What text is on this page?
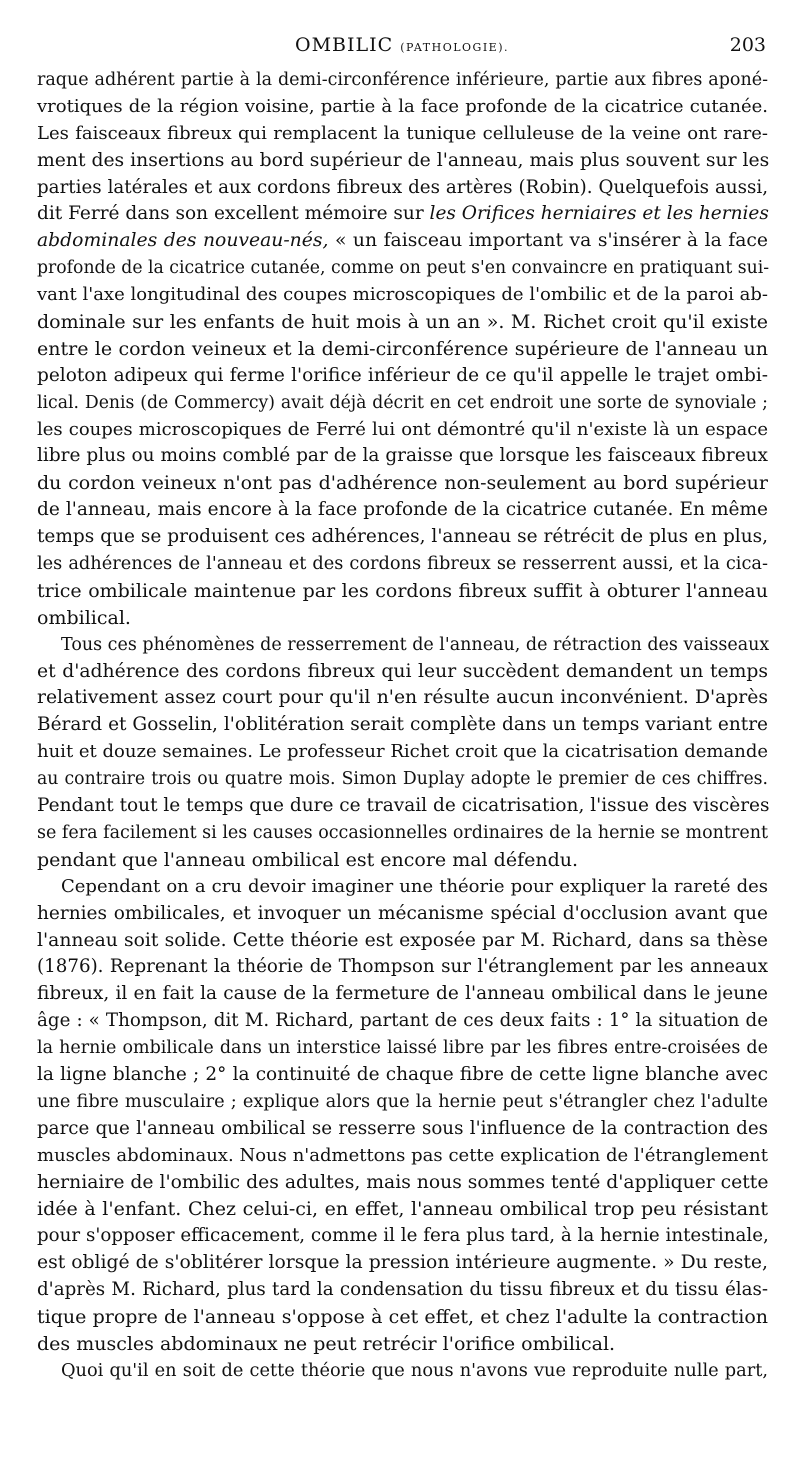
OMBILIC (PATHOLOGIE).	203
raque adhérent partie à la demi-circonférence inférieure, partie aux fibres aponé-
vrotiques de la région voisine, partie à la face profonde de la cicatrice cutanée.
Les faisceaux fibreux qui remplacent la tunique celluleuse de la veine ont rare-
ment des insertions au bord supérieur de l'anneau, mais plus souvent sur les
parties latérales et aux cordons fibreux des artères (Robin). Quelquefois aussi,
dit Ferré dans son excellent mémoire sur les Orifices herniaires et les hernies
abdominales des nouveau-nés, « un faisceau important va s'insérer à la face
profonde de la cicatrice cutanée, comme on peut s'en convaincre en pratiquant sui-
vant l'axe longitudinal des coupes microscopiques de l'ombilic et de la paroi ab-
dominale sur les enfants de huit mois à un an ». M. Richet croit qu'il existe
entre le cordon veineux et la demi-circonférence supérieure de l'anneau un
peloton adipeux qui ferme l'orifice inférieur de ce qu'il appelle le trajet ombi-
lical. Denis (de Commercy) avait déjà décrit en cet endroit une sorte de synoviale ;
les coupes microscopiques de Ferré lui ont démontré qu'il n'existe là un espace
libre plus ou moins comblé par de la graisse que lorsque les faisceaux fibreux
du cordon veineux n'ont pas d'adhérence non-seulement au bord supérieur
de l'anneau, mais encore à la face profonde de la cicatrice cutanée. En même
temps que se produisent ces adhérences, l'anneau se rétrécit de plus en plus,
les adhérences de l'anneau et des cordons fibreux se resserrent aussi, et la cica-
trice ombilicale maintenue par les cordons fibreux suffit à obturer l'anneau
ombilical.
Tous ces phénomènes de resserrement de l'anneau, de rétraction des vaisseaux
et d'adhérence des cordons fibreux qui leur succèdent demandent un temps
relativement assez court pour qu'il n'en résulte aucun inconvénient. D'après
Bérard et Gosselin, l'oblitération serait complète dans un temps variant entre
huit et douze semaines. Le professeur Richet croit que la cicatrisation demande
au contraire trois ou quatre mois. Simon Duplay adopte le premier de ces chiffres.
Pendant tout le temps que dure ce travail de cicatrisation, l'issue des viscères
se fera facilement si les causes occasionnelles ordinaires de la hernie se montrent
pendant que l'anneau ombilical est encore mal défendu.
Cependant on a cru devoir imaginer une théorie pour expliquer la rareté des
hernies ombilicales, et invoquer un mécanisme spécial d'occlusion avant que
l'anneau soit solide. Cette théorie est exposée par M. Richard, dans sa thèse
(1876). Reprenant la théorie de Thompson sur l'étranglement par les anneaux
fibreux, il en fait la cause de la fermeture de l'anneau ombilical dans le jeune
âge : « Thompson, dit M. Richard, partant de ces deux faits : 1° la situation de
la hernie ombilicale dans un interstice laissé libre par les fibres entre-croisées de
la ligne blanche ; 2° la continuité de chaque fibre de cette ligne blanche avec
une fibre musculaire ; explique alors que la hernie peut s'étrangler chez l'adulte
parce que l'anneau ombilical se resserre sous l'influence de la contraction des
muscles abdominaux. Nous n'admettons pas cette explication de l'étranglement
herniaire de l'ombilic des adultes, mais nous sommes tenté d'appliquer cette
idée à l'enfant. Chez celui-ci, en effet, l'anneau ombilical trop peu résistant
pour s'opposer efficacement, comme il le fera plus tard, à la hernie intestinale,
est obligé de s'oblitérer lorsque la pression intérieure augmente. » Du reste,
d'après M. Richard, plus tard la condensation du tissu fibreux et du tissu élas-
tique propre de l'anneau s'oppose à cet effet, et chez l'adulte la contraction
des muscles abdominaux ne peut retrécir l'orifice ombilical.
Quoi qu'il en soit de cette théorie que nous n'avons vue reproduite nulle part,
